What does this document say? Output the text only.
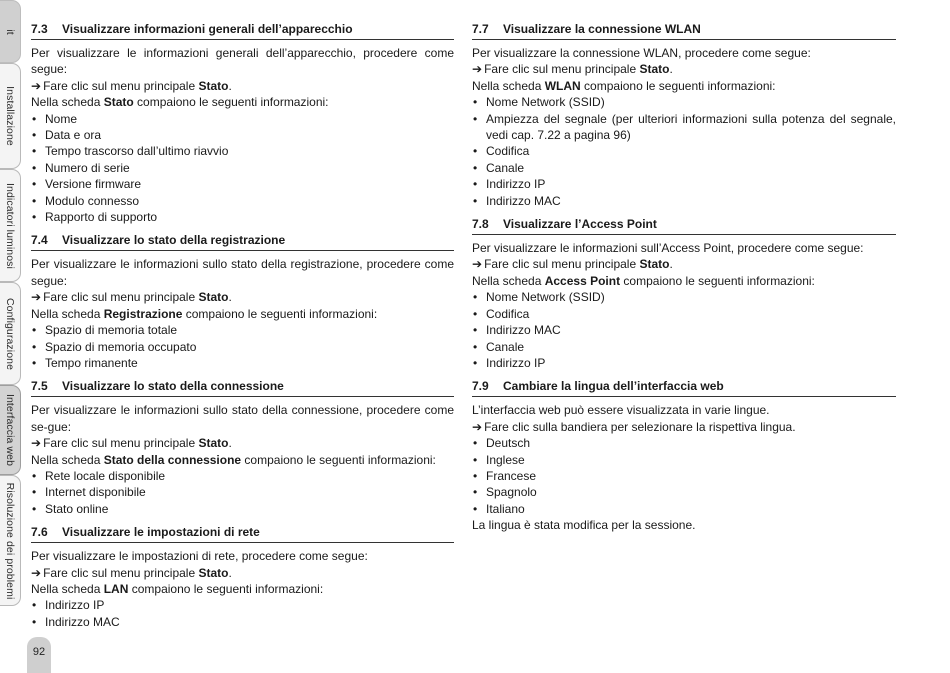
it
Installazione
Indicatori luminosi
Configurazione
Interfaccia web
Risoluzione dei problemi
92
7.3	Visualizzare informazioni generali dell’apparecchio

Per visualizzare le informazioni generali dell’apparecchio, procedere come segue:

➔ Fare clic sul menu principale Stato.

Nella scheda Stato compaiono le seguenti informazioni:

• Nome
• Data e ora
• Tempo trascorso dall’ultimo riavvio
• Numero di serie
• Versione firmware
• Modulo connesso
• Rapporto di supporto
7.4	Visualizzare lo stato della registrazione

Per visualizzare le informazioni sullo stato della registrazione, procedere come segue:

➔ Fare clic sul menu principale Stato.

Nella scheda Registrazione compaiono le seguenti informazioni:

• Spazio di memoria totale
• Spazio di memoria occupato
• Tempo rimanente
7.5	Visualizzare lo stato della connessione

Per visualizzare le informazioni sullo stato della connessione, procedere come se-gue:

➔ Fare clic sul menu principale Stato.

Nella scheda Stato della connessione compaiono le seguenti informazioni:

• Rete locale disponibile
• Internet disponibile
• Stato online
7.6	Visualizzare le impostazioni di rete

Per visualizzare le impostazioni di rete, procedere come segue:

➔ Fare clic sul menu principale Stato.

Nella scheda LAN compaiono le seguenti informazioni:

• Indirizzo IP
• Indirizzo MAC
7.7	Visualizzare la connessione WLAN

Per visualizzare la connessione WLAN, procedere come segue:

➔ Fare clic sul menu principale Stato.

Nella scheda WLAN compaiono le seguenti informazioni:

• Nome Network (SSID)
• Ampiezza del segnale (per ulteriori informazioni sulla potenza del segnale, vedi cap. 7.22 a pagina 96)
• Codifica
• Canale
• Indirizzo IP
• Indirizzo MAC
7.8	Visualizzare l’Access Point

Per visualizzare le informazioni sull’Access Point, procedere come segue:

➔ Fare clic sul menu principale Stato.

Nella scheda Access Point compaiono le seguenti informazioni:

• Nome Network (SSID)
• Codifica
• Indirizzo MAC
• Canale
• Indirizzo IP
7.9	Cambiare la lingua dell’interfaccia web

L’interfaccia web può essere visualizzata in varie lingue.

➔ Fare clic sulla bandiera per selezionare la rispettiva lingua.

• Deutsch
• Inglese
• Francese
• Spagnolo
• Italiano

La lingua è stata modifica per la sessione.
